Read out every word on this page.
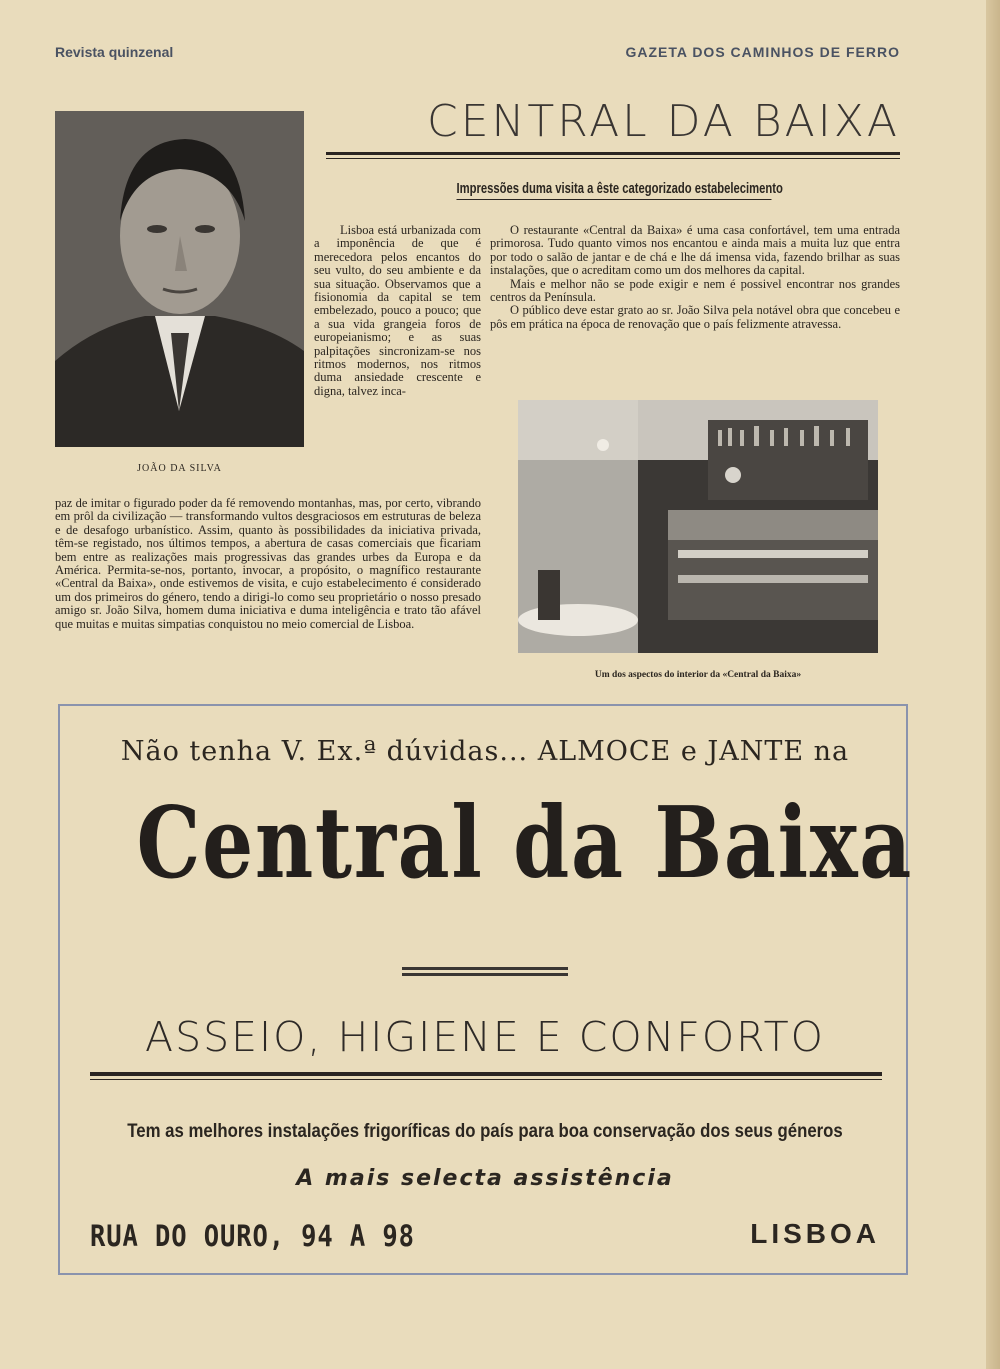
Revista quinzenal	GAZETA DOS CAMINHOS DE FERRO
JOÃO DA SILVA
CENTRAL DA BAIXA
Impressões duma visita a êste categorizado estabelecimento
Lisboa está urbanizada com a imponência de que é merecedora pelos encantos do seu vulto, do seu ambiente e da sua situação. Observamos que a fisionomia da capital se tem embelezado, pouco a pouco; que a sua vida grangeia foros de europeianismo; e as suas palpitações sincronizam-se nos ritmos modernos, nos ritmos duma ansiedade crescente e digna, talvez inca-
paz de imitar o figurado poder da fé removendo montanhas, mas, por certo, vibrando em prôl da civilização — transformando vultos desgraciosos em estruturas de beleza e de desafogo urbanístico. Assim, quanto às possibilidades da iniciativa privada, têm-se registado, nos últimos tempos, a abertura de casas comerciais que ficariam bem entre as realizações mais progressivas das grandes urbes da Europa e da América. Permita-se-nos, portanto, invocar, a propósito, o magnífico restaurante «Central da Baixa», onde estivemos de visita, e cujo estabelecimento é considerado um dos primeiros do género, tendo a dirigi-lo como seu proprietário o nosso presado amigo sr. João Silva, homem duma iniciativa e duma inteligência e trato tão afável que muitas e muitas simpatias conquistou no meio comercial de Lisboa.

O restaurante «Central da Baixa» é uma casa confortável, tem uma entrada primorosa. Tudo quanto vimos nos encantou e ainda mais a muita luz que entra por todo o salão de jantar e de chá e lhe dá imensa vida, fazendo brilhar as suas instalações, que o acreditam como um dos melhores da capital.

Mais e melhor não se pode exigir e nem é possivel encontrar nos grandes centros da Península.

O público deve estar grato ao sr. João Silva pela notável obra que concebeu e pôs em prática na época de renovação que o país felizmente atravessa.

Um dos aspectos do interior da «Central da Baixa»
Não tenha V. Ex.ª dúvidas... ALMOCE e JANTE na
Central da Baixa
ASSEIO, HIGIENE E CONFORTO
Tem as melhores instalações frigoríficas do país para boa conservação dos seus géneros
A mais selecta assistência
RUA DO OURO, 94 A 98	LISBOA
